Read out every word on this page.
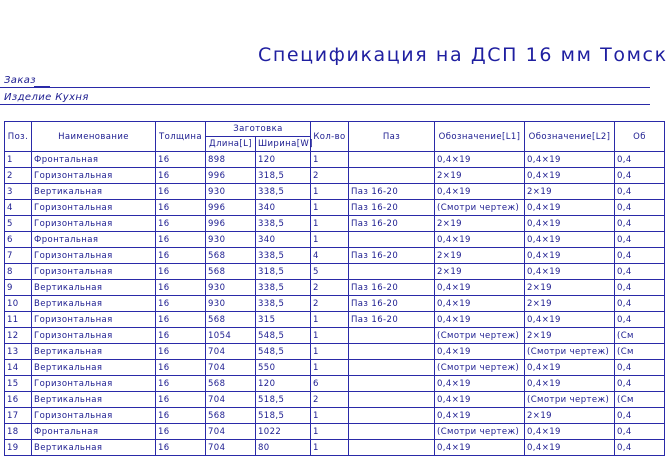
Спецификация на ДСП 16 мм Томск
Заказ
Изделие Кухня
Поз.	Наименование	Толщина	Заготовка		Кол-во	Паз	Обозначение[L1]	Обозначение[L2]	Об
			Длина[L]	Ширина[W]					
1	Фронтальная	16	898	120	1		0,4×19	0,4×19	0,4
2	Горизонтальная	16	996	318,5	2		2×19	0,4×19	0,4
3	Вертикальная	16	930	338,5	1	Паз 16-20	0,4×19	2×19	0,4
4	Горизонтальная	16	996	340	1	Паз 16-20	(Смотри чертеж)	0,4×19	0,4
5	Горизонтальная	16	996	338,5	1	Паз 16-20	2×19	0,4×19	0,4
6	Фронтальная	16	930	340	1		0,4×19	0,4×19	0,4
7	Горизонтальная	16	568	338,5	4	Паз 16-20	2×19	0,4×19	0,4
8	Горизонтальная	16	568	318,5	5		2×19	0,4×19	0,4
9	Вертикальная	16	930	338,5	2	Паз 16-20	0,4×19	2×19	0,4
10	Вертикальная	16	930	338,5	2	Паз 16-20	0,4×19	2×19	0,4
11	Горизонтальная	16	568	315	1	Паз 16-20	0,4×19	0,4×19	0,4
12	Горизонтальная	16	1054	548,5	1		(Смотри чертеж)	2×19	(См
13	Вертикальная	16	704	548,5	1		0,4×19	(Смотри чертеж)	(См
14	Вертикальная	16	704	550	1		(Смотри чертеж)	0,4×19	0,4
15	Горизонтальная	16	568	120	6		0,4×19	0,4×19	0,4
16	Вертикальная	16	704	518,5	2		0,4×19	(Смотри чертеж)	(См
17	Горизонтальная	16	568	518,5	1		0,4×19	2×19	0,4
18	Фронтальная	16	704	1022	1		(Смотри чертеж)	0,4×19	0,4
19	Вертикальная	16	704	80	1		0,4×19	0,4×19	0,4
